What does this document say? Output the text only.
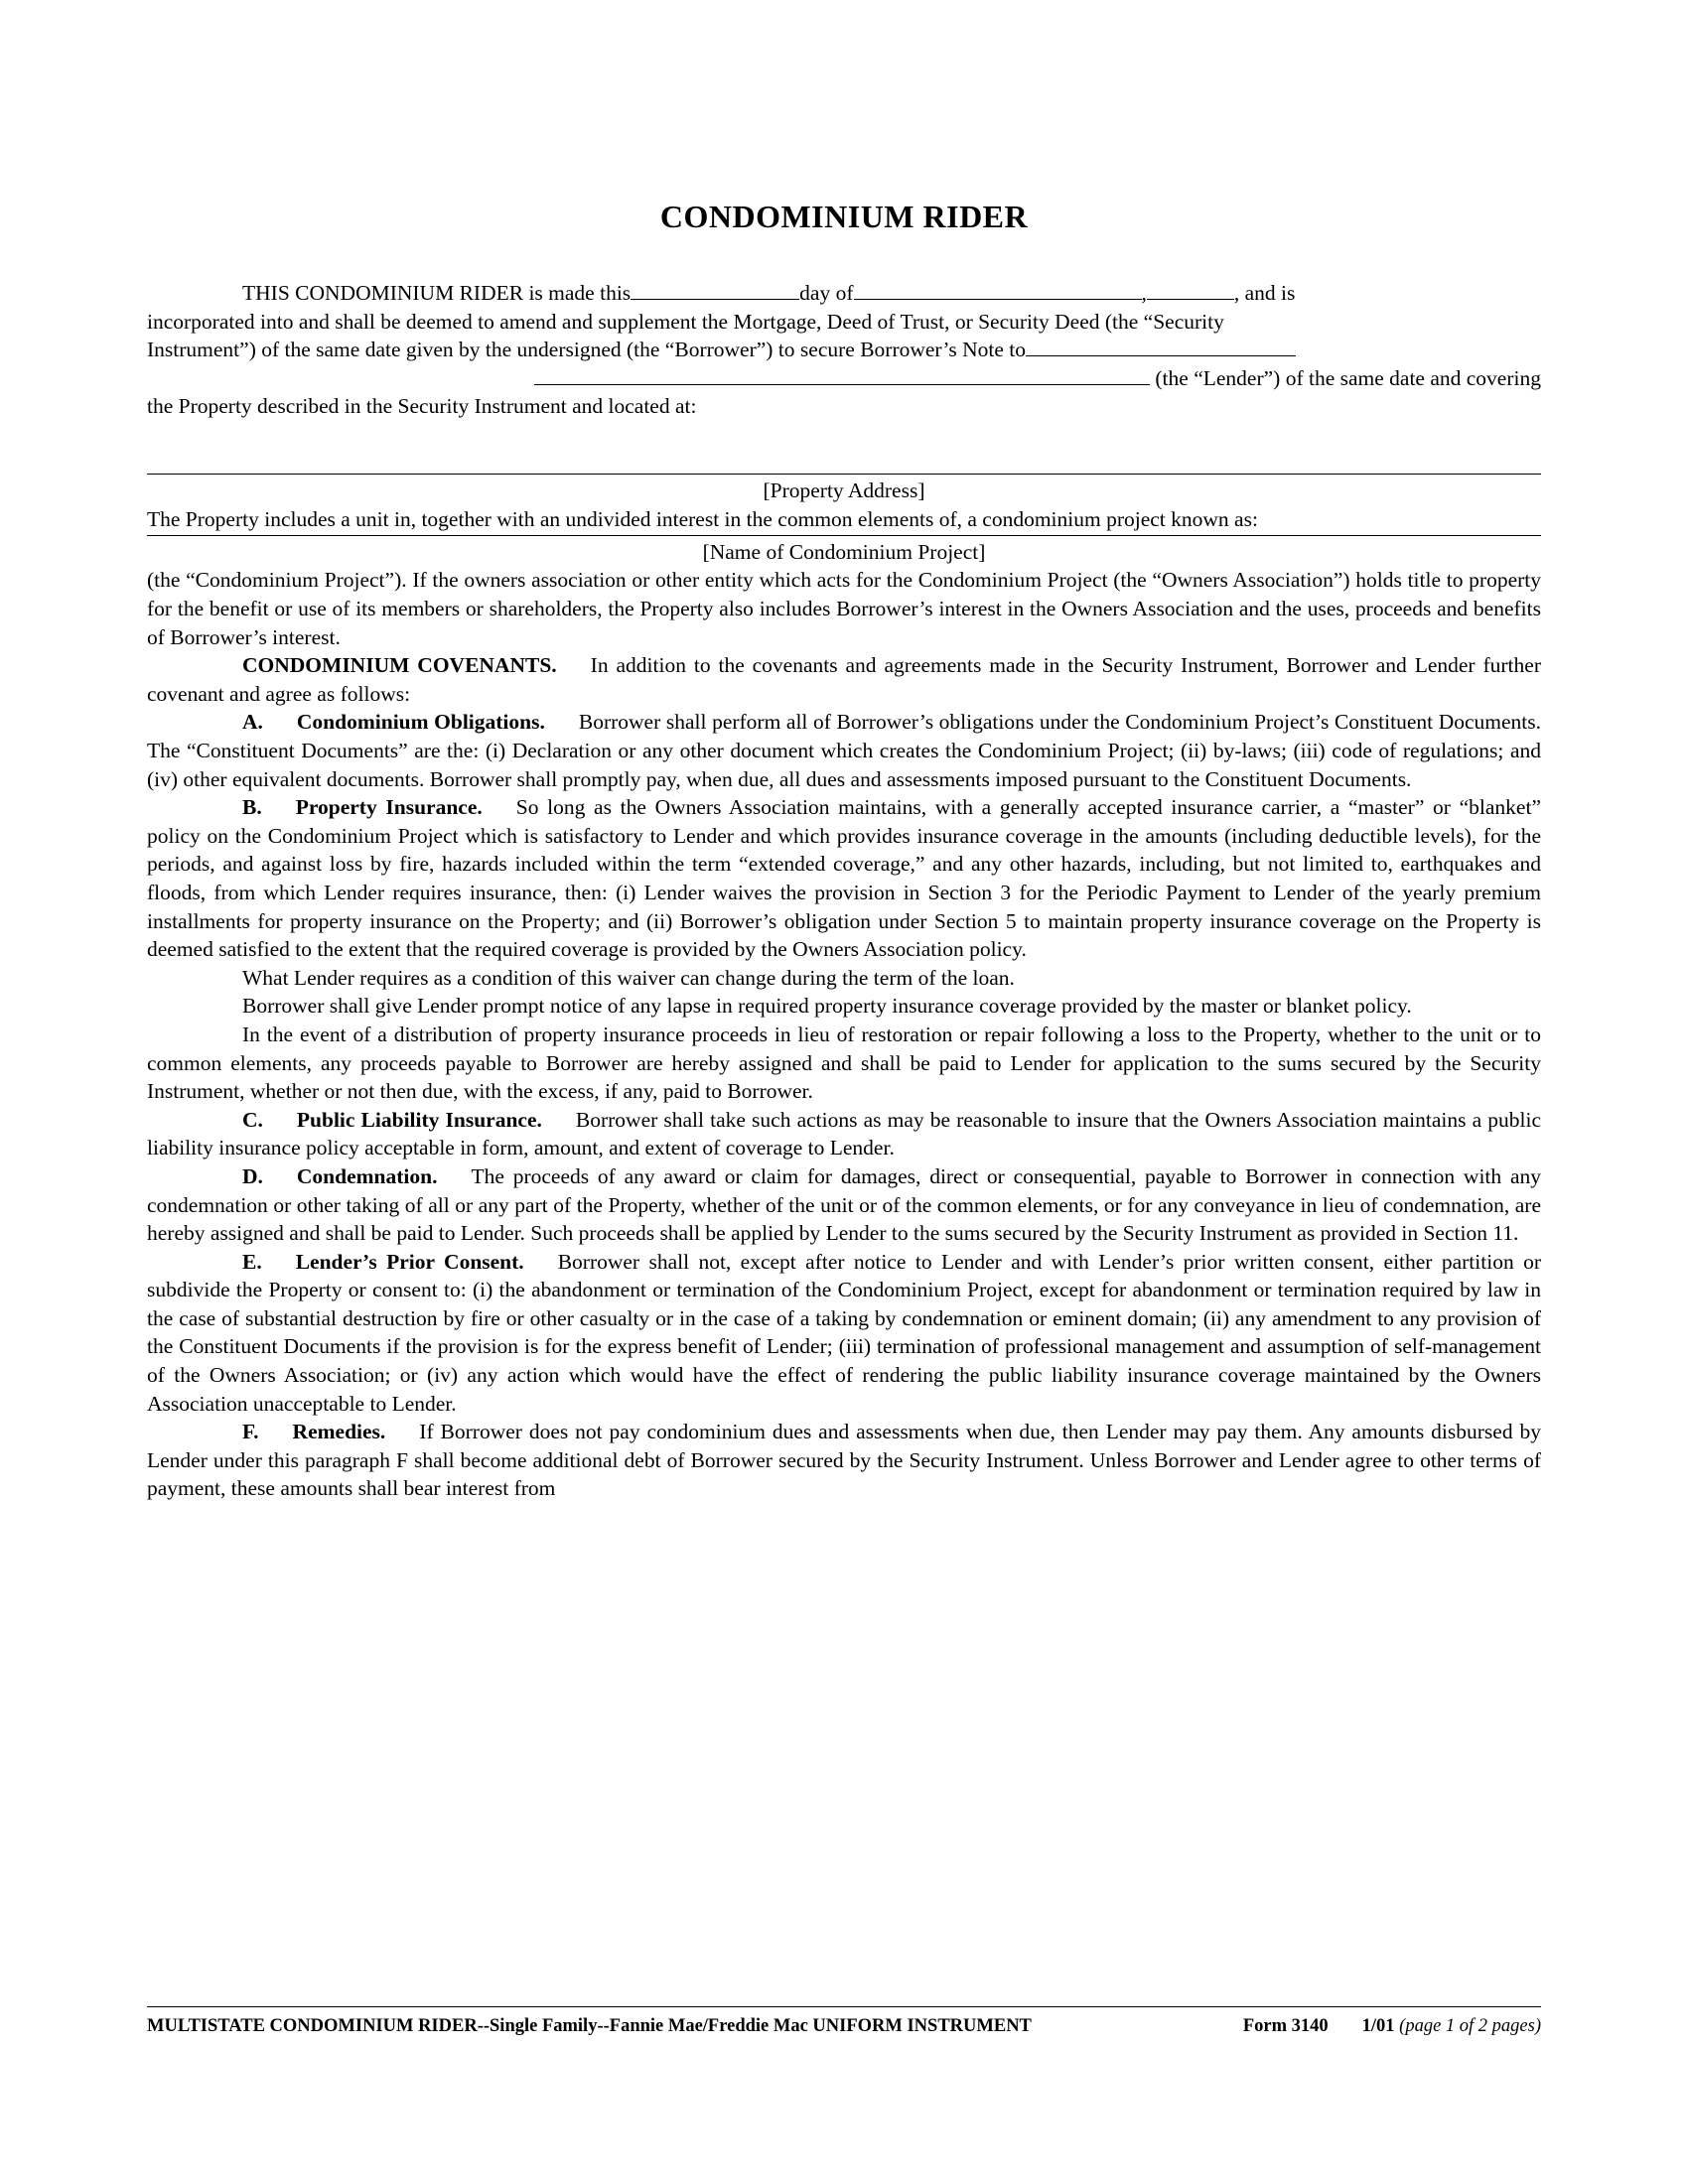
CONDOMINIUM RIDER

THIS CONDOMINIUM RIDER is made this	day of	,	, and is

incorporated into and shall be deemed to amend and supplement the Mortgage, Deed of Trust, or Security Deed (the “Security

Instrument”) of the same date given by the undersigned (the “Borrower”) to secure Borrower’s Note to

(the “Lender”) of the same date and covering

the Property described in the Security Instrument and located at:

[Property Address]

The Property includes a unit in, together with an undivided interest in the common elements of, a condominium project known as:

[Name of Condominium Project]

(the “Condominium Project”). If the owners association or other entity which acts for the Condominium Project (the “Owners Association”) holds title to property for the benefit or use of its members or shareholders, the Property also includes Borrower’s interest in the Owners Association and the uses, proceeds and benefits of Borrower’s interest.

CONDOMINIUM COVENANTS. In addition to the covenants and agreements made in the Security Instrument, Borrower and Lender further covenant and agree as follows:

A. Condominium Obligations. Borrower shall perform all of Borrower’s obligations under the Condominium Project’s Constituent Documents. The “Constituent Documents” are the: (i) Declaration or any other document which creates the Condominium Project; (ii) by-laws; (iii) code of regulations; and (iv) other equivalent documents. Borrower shall promptly pay, when due, all dues and assessments imposed pursuant to the Constituent Documents.

B. Property Insurance. So long as the Owners Association maintains, with a generally accepted insurance carrier, a “master” or “blanket” policy on the Condominium Project which is satisfactory to Lender and which provides insurance coverage in the amounts (including deductible levels), for the periods, and against loss by fire, hazards included within the term “extended coverage,” and any other hazards, including, but not limited to, earthquakes and floods, from which Lender requires insurance, then: (i) Lender waives the provision in Section 3 for the Periodic Payment to Lender of the yearly premium installments for property insurance on the Property; and (ii) Borrower’s obligation under Section 5 to maintain property insurance coverage on the Property is deemed satisfied to the extent that the required coverage is provided by the Owners Association policy.

What Lender requires as a condition of this waiver can change during the term of the loan.

Borrower shall give Lender prompt notice of any lapse in required property insurance coverage provided by the master or blanket policy.

In the event of a distribution of property insurance proceeds in lieu of restoration or repair following a loss to the Property, whether to the unit or to common elements, any proceeds payable to Borrower are hereby assigned and shall be paid to Lender for application to the sums secured by the Security Instrument, whether or not then due, with the excess, if any, paid to Borrower.

C. Public Liability Insurance. Borrower shall take such actions as may be reasonable to insure that the Owners Association maintains a public liability insurance policy acceptable in form, amount, and extent of coverage to Lender.

D. Condemnation. The proceeds of any award or claim for damages, direct or consequential, payable to Borrower in connection with any condemnation or other taking of all or any part of the Property, whether of the unit or of the common elements, or for any conveyance in lieu of condemnation, are hereby assigned and shall be paid to Lender. Such proceeds shall be applied by Lender to the sums secured by the Security Instrument as provided in Section 11.

E. Lender’s Prior Consent. Borrower shall not, except after notice to Lender and with Lender’s prior written consent, either partition or subdivide the Property or consent to: (i) the abandonment or termination of the Condominium Project, except for abandonment or termination required by law in the case of substantial destruction by fire or other casualty or in the case of a taking by condemnation or eminent domain; (ii) any amendment to any provision of the Constituent Documents if the provision is for the express benefit of Lender; (iii) termination of professional management and assumption of self-management of the Owners Association; or (iv) any action which would have the effect of rendering the public liability insurance coverage maintained by the Owners Association unacceptable to Lender.

F. Remedies. If Borrower does not pay condominium dues and assessments when due, then Lender may pay them. Any amounts disbursed by Lender under this paragraph F shall become additional debt of Borrower secured by the Security Instrument. Unless Borrower and Lender agree to other terms of payment, these amounts shall bear interest from

MULTISTATE CONDOMINIUM RIDER--Single Family--Fannie Mae/Freddie Mac UNIFORM INSTRUMENT	Form 3140 1/01 (page 1 of 2 pages)
